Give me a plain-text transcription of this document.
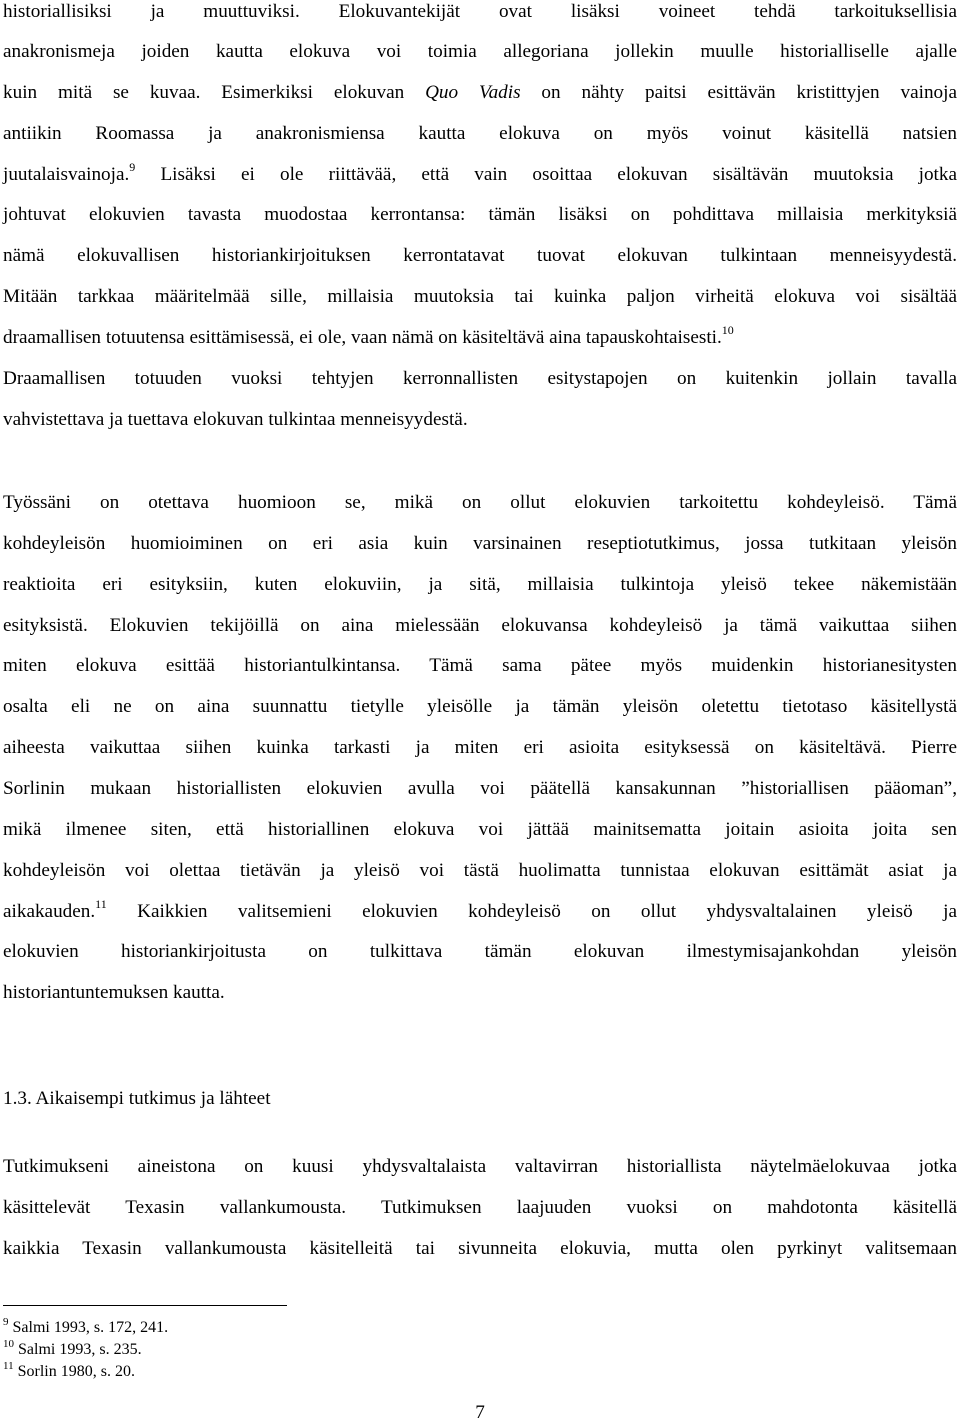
historiallisiksi ja muuttuviksi. Elokuvantekijät ovat lisäksi voineet tehdä tarkoituksellisia
anakronismeja joiden kautta elokuva voi toimia allegoriana jollekin muulle historialliselle ajalle
kuin mitä se kuvaa. Esimerkiksi elokuvan Quo Vadis on nähty paitsi esittävän kristittyjen vainoja
antiikin Roomassa ja anakronismiensa kautta elokuva on myös voinut käsitellä natsien
juutalaisvainoja.$^9$ Lisäksi ei ole riittävää, että vain osoittaa elokuvan sisältävän muutoksia jotka
johtuvat elokuvien tavasta muodostaa kerrontansa: tämän lisäksi on pohdittava millaisia merkityksiä
nämä elokuvallisen historiankirjoituksen kerrontatavat tuovat elokuvan tulkintaan menneisyydestä.
Mitään tarkkaa määritelmää sille, millaisia muutoksia tai kuinka paljon virheitä elokuva voi sisältää
draamallisen totuutensa esittämisessä, ei ole, vaan nämä on käsiteltävä aina tapauskohtaisesti.$^{10}$
Draamallisen totuuden vuoksi tehtyjen kerronnallisten esitystapojen on kuitenkin jollain tavalla
vahvistettava ja tuettava elokuvan tulkintaa menneisyydestä.
Työssäni on otettava huomioon se, mikä on ollut elokuvien tarkoitettu kohdeyleisö. Tämä
kohdeyleisön huomioiminen on eri asia kuin varsinainen reseptiotutkimus, jossa tutkitaan yleisön
reaktioita eri esityksiin, kuten elokuviin, ja sitä, millaisia tulkintoja yleisö tekee näkemistään
esityksistä. Elokuvien tekijöillä on aina mielessään elokuvansa kohdeyleisö ja tämä vaikuttaa siihen
miten elokuva esittää historiantulkintansa. Tämä sama pätee myös muidenkin historianesitysten
osalta eli ne on aina suunnattu tietylle yleisölle ja tämän yleisön oletettu tietotaso käsitellystä
aiheesta vaikuttaa siihen kuinka tarkasti ja miten eri asioita esityksessä on käsiteltävä. Pierre
Sorlinin mukaan historiallisten elokuvien avulla voi päätellä kansakunnan ”historiallisen pääoman”,
mikä ilmenee siten, että historiallinen elokuva voi jättää mainitsematta joitain asioita joita sen
kohdeyleisön voi olettaa tietävän ja yleisö voi tästä huolimatta tunnistaa elokuvan esittämät asiat ja
aikakauden.$^{11}$ Kaikkien valitsemieni elokuvien kohdeyleisö on ollut yhdysvaltalainen yleisö ja
elokuvien historiankirjoitusta on tulkittava tämän elokuvan ilmestymisajankohdan yleisön
historiantuntemuksen kautta.
1.3. Aikaisempi tutkimus ja lähteet
Tutkimukseni aineistona on kuusi yhdysvaltalaista valtavirran historiallista näytelmäelokuvaa jotka
käsittelevät Texasin vallankumousta. Tutkimuksen laajuuden vuoksi on mahdotonta käsitellä
kaikkia Texasin vallankumousta käsitelleitä tai sivunneita elokuvia, mutta olen pyrkinyt valitsemaan
$^9$ Salmi 1993, s. 172, 241.
$^{10}$ Salmi 1993, s. 235.
$^{11}$ Sorlin 1980, s. 20.
7
